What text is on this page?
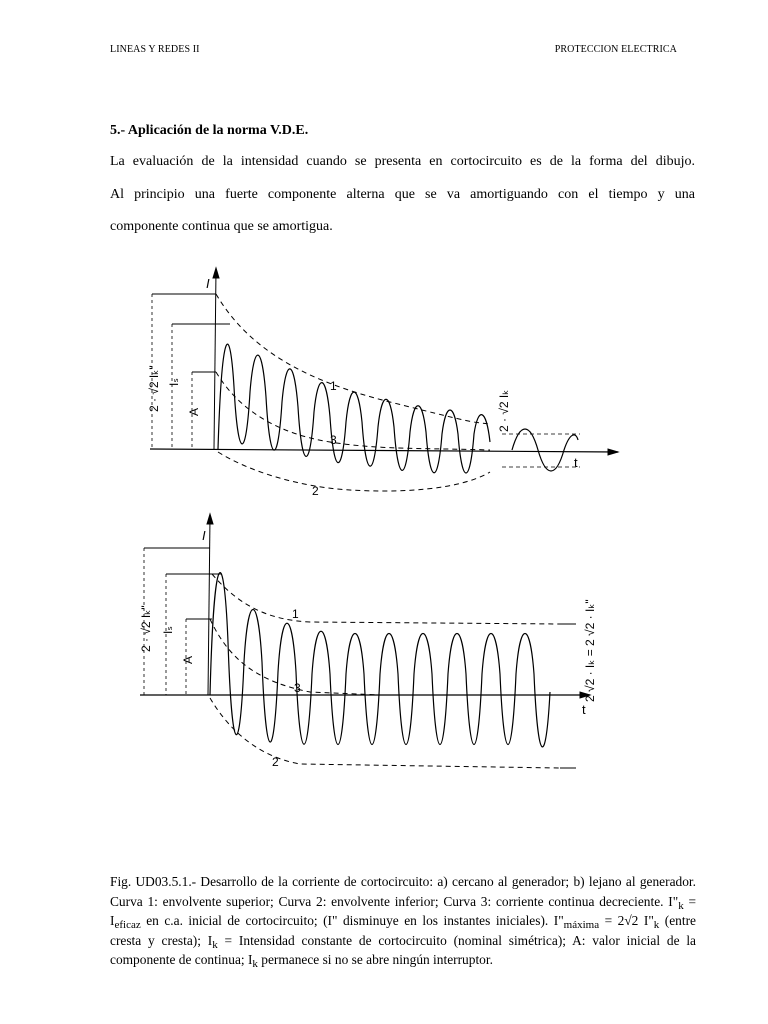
LINEAS Y REDES II	PROTECCION ELECTRICA
5.- Aplicación de la norma V.D.E.
La evaluación de la intensidad cuando se presenta en cortocircuito es de la forma del dibujo.
Al principio una fuerte componente alterna que se va amortiguando con el tiempo y una
componente continua que se amortigua.
I
t
2 · √2 Iₖ" Iₛ
A	2 · √2 Iₖ
1
2
3
I
t
2 · √2 Iₖ" Iₛ
A	2 √2 · Iₖ = 2 √2 · Iₖ"
1
2
3
Fig. UD03.5.1.- Desarrollo de la corriente de cortocircuito: a) cercano al generador; b) lejano al generador. Curva 1: envolvente superior; Curva 2: envolvente inferior; Curva 3: corriente continua decreciente. $I"_k = I_{eficaz}$ en c.a. inicial de cortocircuito; (I" disminuye en los instantes iniciales). $I"_{máxima} = 2√2$ $I"_k$ (entre cresta y cresta); $I_k$ = Intensidad constante de cortocircuito (nominal simétrica); A: valor inicial de la componente de continua; $I_k$ permanece si no se abre ningún interruptor.
